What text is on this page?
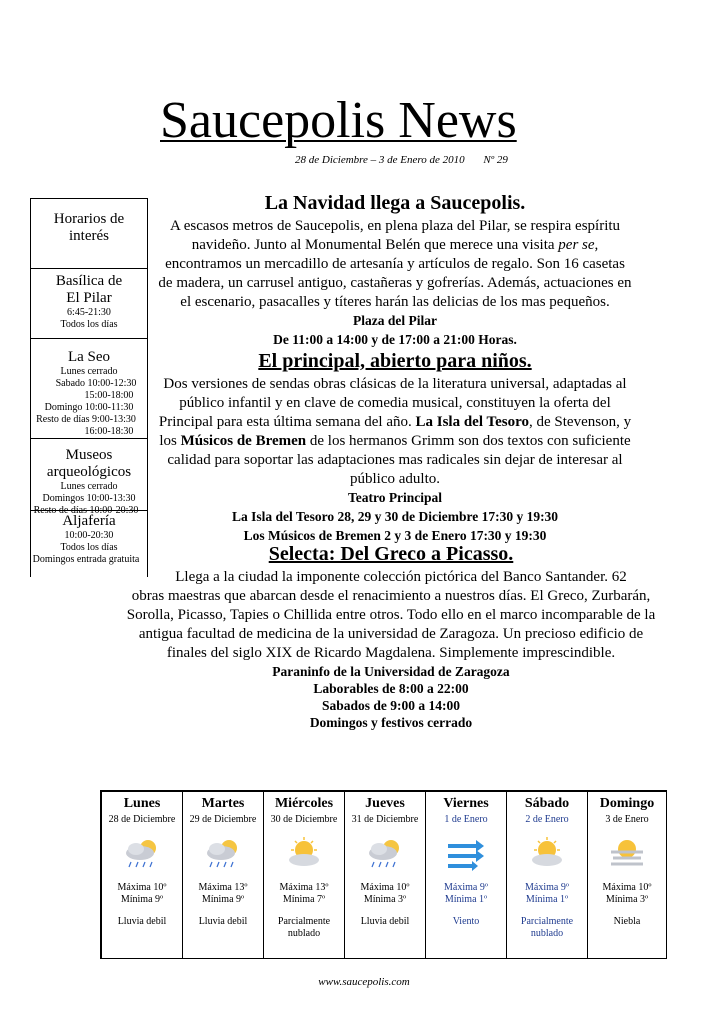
Saucepolis News
28 de Diciembre – 3 de Enero de 2010 Nº 29
Horarios de
interés
Basílica de
El Pilar
6:45-21:30
Todos los días
La Seo
Lunes cerrado
Sabado 10:00-12:30
15:00-18:00
Domingo 10:00-11:30
Resto de días 9:00-13:30
16:00-18:30
Museos
arqueológicos
Lunes cerrado
Domingos 10:00-13:30
Resto de días 10:00-20:30
Aljafería
10:00-20:30
Todos los días
Domingos entrada gratuita
La Navidad llega a Saucepolis.
A escasos metros de Saucepolis, en plena plaza del Pilar, se respira espíritu
navideño. Junto al Monumental Belén que merece una visita per se,
encontramos un mercadillo de artesanía y artículos de regalo. Son 16 casetas
de madera, un carrusel antiguo, castañeras y gofrerías. Además, actuaciones en
el escenario, pasacalles y títeres harán las delicias de los mas pequeños.
Plaza del Pilar
De 11:00 a 14:00 y de 17:00 a 21:00 Horas.
El principal, abierto para niños.
Dos versiones de sendas obras clásicas de la literatura universal, adaptadas al
público infantil y en clave de comedia musical, constituyen la oferta del
Principal para esta última semana del año. La Isla del Tesoro, de Stevenson, y
los Músicos de Bremen de los hermanos Grimm son dos textos con suficiente
calidad para soportar las adaptaciones mas radicales sin dejar de interesar al
público adulto.
Teatro Principal
La Isla del Tesoro 28, 29 y 30 de Diciembre 17:30 y 19:30
Los Músicos de Bremen 2 y 3 de Enero 17:30 y 19:30
Selecta: Del Greco a Picasso.
Llega a la ciudad la imponente colección pictórica del Banco Santander. 62
obras maestras que abarcan desde el renacimiento a nuestros días. El Greco, Zurbarán,
Sorolla, Picasso, Tapies o Chillida entre otros. Todo ello en el marco incomparable de la
antigua facultad de medicina de la universidad de Zaragoza. Un precioso edificio de
finales del siglo XIX de Ricardo Magdalena. Simplemente imprescindible.
Paraninfo de la Universidad de Zaragoza
Laborables de 8:00 a 22:00
Sabados de 9:00 a 14:00
Domingos y festivos cerrado
Lunes
28 de Diciembre
Máxima 10º
Mínima 9º
Lluvia debil
Martes
29 de Diciembre
Máxima 13º
Mínima 9º
Lluvia debil
Miércoles
30 de Diciembre
Máxima 13º
Mínima 7º
Parcialmente
nublado
Jueves
31 de Diciembre
Máxima 10º
Mínima 3º
Lluvia debil
Viernes
1 de Enero
Máxima 9º
Mínima 1º
Viento
Sábado
2 de Enero
Máxima 9º
Mínima 1º
Parcialmente
nublado
Domingo
3 de Enero
Máxima 10º
Mínima 3º
Niebla
www.saucepolis.com
